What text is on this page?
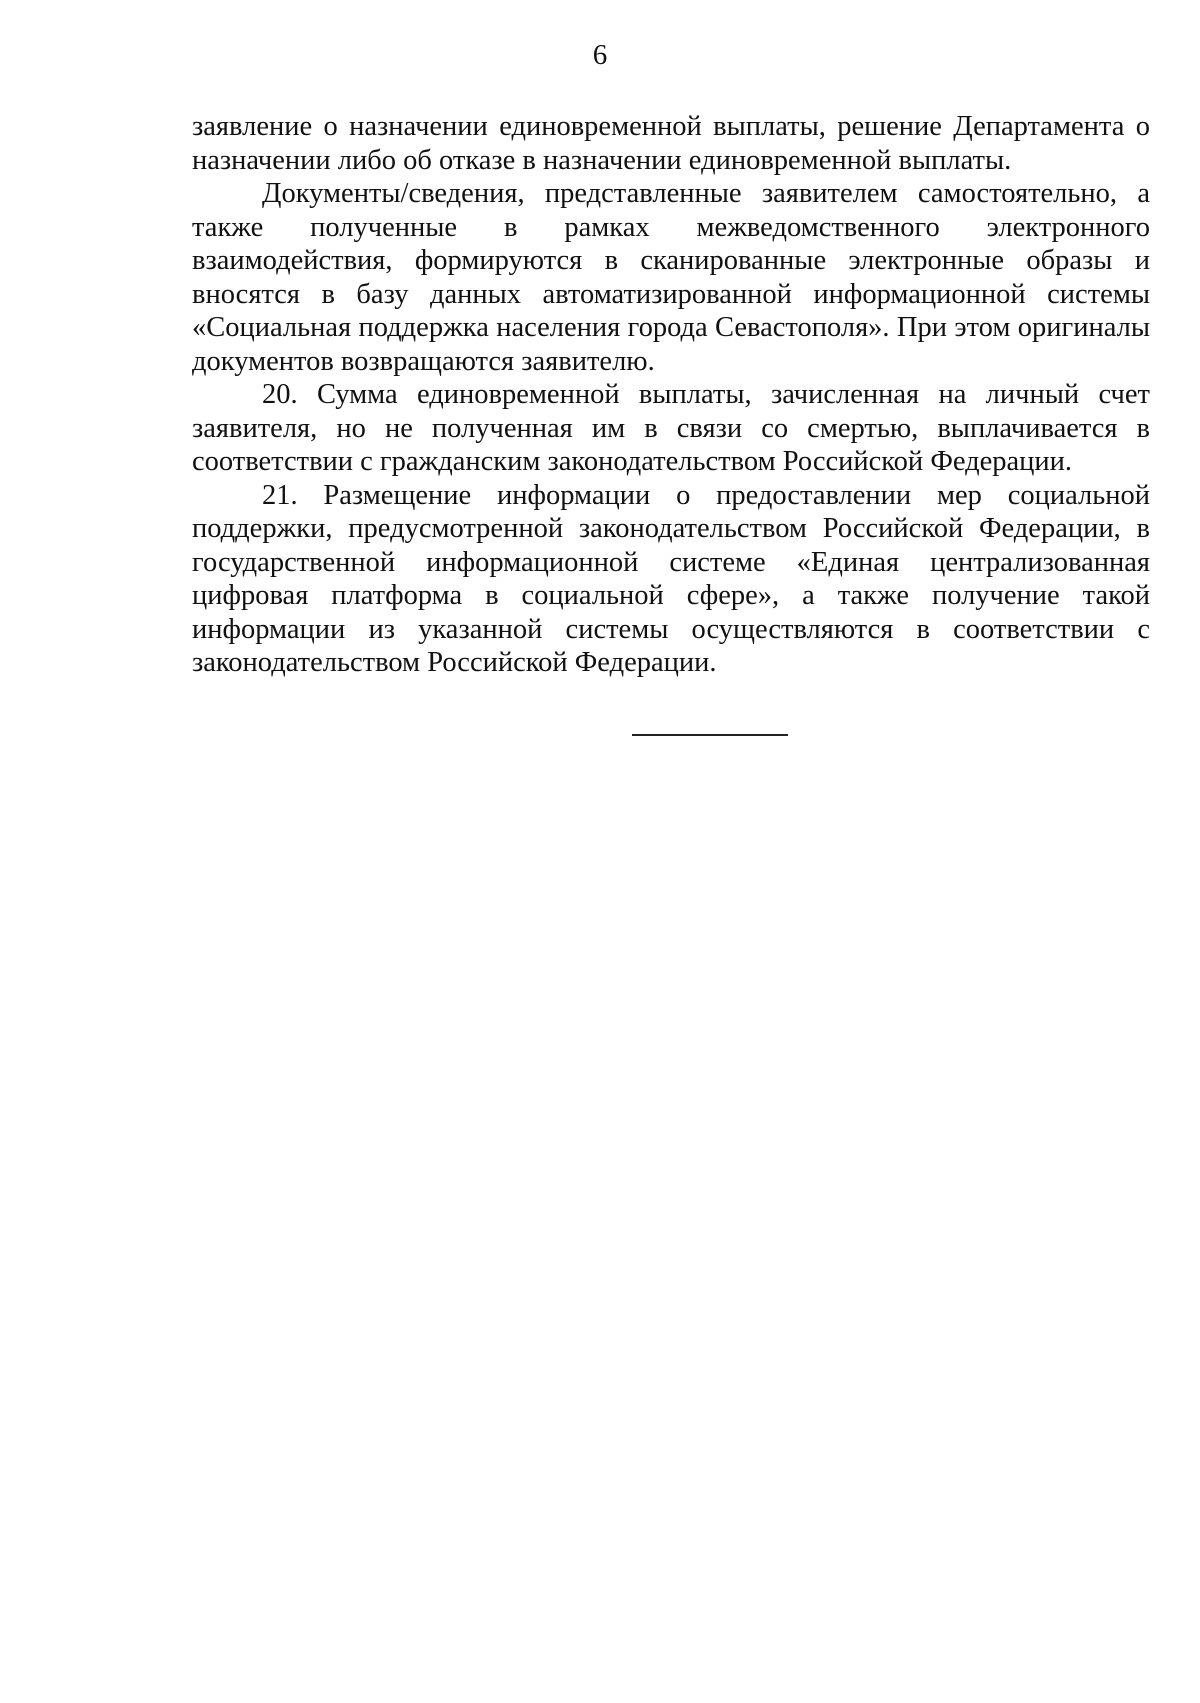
6

заявление о назначении единовременной выплаты, решение Департамента о назначении либо об отказе в назначении единовременной выплаты.

Документы/сведения, представленные заявителем самостоятельно, а также полученные в рамках межведомственного электронного взаимодействия, формируются в сканированные электронные образы и вносятся в базу данных автоматизированной информационной системы «Социальная поддержка населения города Севастополя». При этом оригиналы документов возвращаются заявителю.

20. Сумма единовременной выплаты, зачисленная на личный счет заявителя, но не полученная им в связи со смертью, выплачивается в соответствии с гражданским законодательством Российской Федерации.

21. Размещение информации о предоставлении мер социальной поддержки, предусмотренной законодательством Российской Федерации, в государственной информационной системе «Единая централизованная цифровая платформа в социальной сфере», а также получение такой информации из указанной системы осуществляются в соответствии с законодательством Российской Федерации.
